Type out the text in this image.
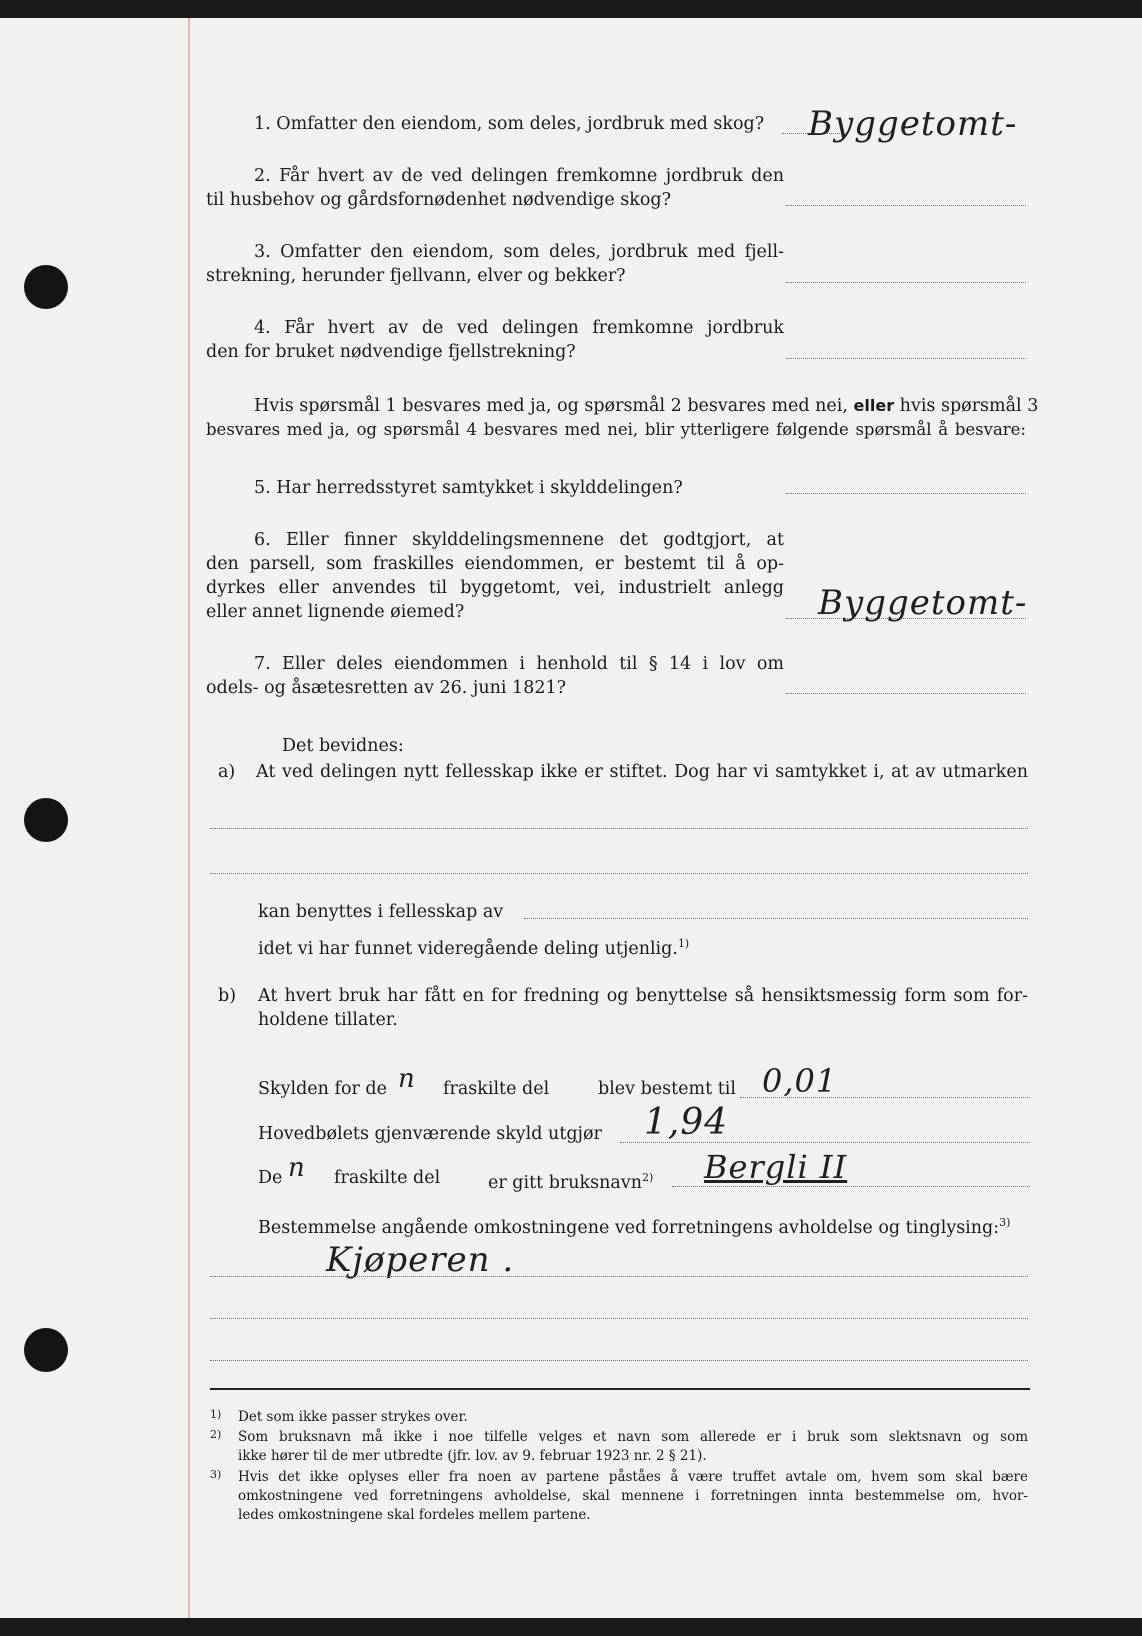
1. Omfatter den eiendom, som deles, jordbruk med skog? Byggetomt-
2. Får hvert av de ved delingen fremkomne jordbruk den
til husbehov og gårdsfornødenhet nødvendige skog?
3. Omfatter den eiendom, som deles, jordbruk med fjell-
strekning, herunder fjellvann, elver og bekker?
4. Får hvert av de ved delingen fremkomne jordbruk
den for bruket nødvendige fjellstrekning?
Hvis spørsmål 1 besvares med ja, og spørsmål 2 besvares med nei, eller hvis spørsmål 3
besvares med ja, og spørsmål 4 besvares med nei, blir ytterligere følgende spørsmål å besvare:
5. Har herredsstyret samtykket i skylddelingen?
6. Eller finner skylddelingsmennene det godtgjort, at
den parsell, som fraskilles eiendommen, er bestemt til å op-
dyrkes eller anvendes til byggetomt, vei, industrielt anlegg
eller annet lignende øiemed?	Byggetomt-
7. Eller deles eiendommen i henhold til § 14 i lov om
odels- og åsætesretten av 26. juni 1821?
Det bevidnes:
a) At ved delingen nytt fellesskap ikke er stiftet. Dog har vi samtykket i, at av utmarken
kan benyttes i fellesskap av
idet vi har funnet videregående deling utjenlig.$^{1)}$
b) At hvert bruk har fått en for fredning og benyttelse så hensiktsmessig form som for-
holdene tillater.
Skylden for de n fraskilte del	blev bestemt til 0,01
Hovedbølets gjenværende skyld utgjør 1,94
De n fraskilte del	er gitt bruksnavn$^{2)}$ Bergli II
Bestemmelse angående omkostningene ved forretningens avholdelse og tinglysing:$^{3)}$
Kjøperen .
1) Det som ikke passer strykes over.
2) Som bruksnavn må ikke i noe tilfelle velges et navn som allerede er i bruk som slektsnavn og som
ikke hører til de mer utbredte (jfr. lov. av 9. februar 1923 nr. 2 § 21).
3) Hvis det ikke oplyses eller fra noen av partene påståes å være truffet avtale om, hvem som skal bære
omkostningene ved forretningens avholdelse, skal mennene i forretningen innta bestemmelse om, hvor-
ledes omkostningene skal fordeles mellem partene.
